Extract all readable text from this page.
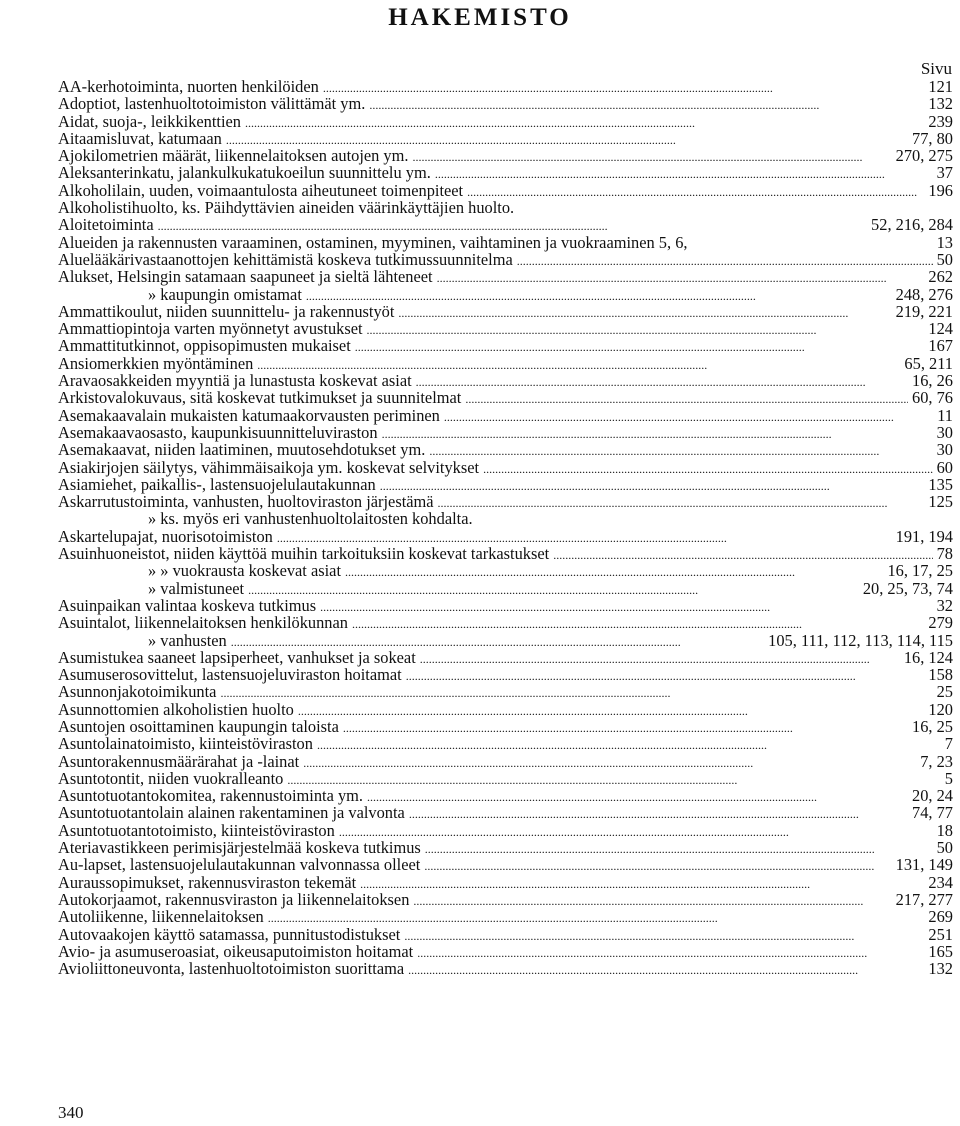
HAKEMISTO
Sivu
AA-kerhotoiminta, nuorten henkilöiden . . .	121
Adoptiot, lastenhuoltotoimiston välittämät ym. . . .	132
Aidat, suoja-, leikkikenttien . . .	239
Aitaamisluvat, katumaan . . .	77, 80
Ajokilometrien määrät, liikennelaitoksen autojen ym. . . .	270, 275
Aleksanterinkatu, jalankulkukatukoeilun suunnittelu ym. . . .	37
Alkoholilain, uuden, voimaantulosta aiheutuneet toimenpiteet . . .	196
Alkoholistihuolto, ks. Päihdyttävien aineiden väärinkäyttäjien huolto.
Aloitetoiminta . . .	52, 216, 284
Alueiden ja rakennusten varaaminen, ostaminen, myyminen, vaihtaminen ja vuokraaminen 5, 6,	13
Aluelääkärivastaanottojen kehittämistä koskeva tutkimussuunnitelma . . .	50
Alukset, Helsingin satamaan saapuneet ja sieltä lähteneet . . .	262
» kaupungin omistamat . . .	248, 276
Ammattikoulut, niiden suunnittelu- ja rakennustyöt . . .	219, 221
Ammattiopintoja varten myönnetyt avustukset . . .	124
Ammattitutkinnot, oppisopimusten mukaiset . . .	167
Ansiomerkkien myöntäminen . . .	65, 211
Aravaosakkeiden myyntiä ja lunastusta koskevat asiat . . .	16, 26
Arkistovalokuvaus, sitä koskevat tutkimukset ja suunnitelmat . . .	60, 76
Asemakaavalain mukaisten katumaakorvausten periminen . . .	11
Asemakaavaosasto, kaupunkisuunnitteluviraston . . .	30
Asemakaavat, niiden laatiminen, muutosehdotukset ym. . . .	30
Asiakirjojen säilytys, vähimmäisaikoja ym. koskevat selvitykset . . .	60
Asiamiehet, paikallis-, lastensuojelulautakunnan . . .	135
Askarrutustoiminta, vanhusten, huoltoviraston järjestämä . . .	125
» ks. myös eri vanhustenhuoltolaitosten kohdalta.
Askartelupajat, nuorisotoimiston . . .	191, 194
Asuinhuoneistot, niiden käyttöä muihin tarkoituksiin koskevat tarkastukset . . .	78
» » vuokrausta koskevat asiat . . .	16, 17, 25
» valmistuneet . . .	20, 25, 73, 74
Asuinpaikan valintaa koskeva tutkimus . . .	32
Asuintalot, liikennelaitoksen henkilökunnan . . .	279
» vanhusten . . .	105, 111, 112, 113, 114, 115
Asumistukea saaneet lapsiperheet, vanhukset ja sokeat . . .	16, 124
Asumuserosovittelut, lastensuojeluviraston hoitamat . . .	158
Asunnonjakotoimikunta . . .	25
Asunnottomien alkoholistien huolto . . .	120
Asuntojen osoittaminen kaupungin taloista . . .	16, 25
Asuntolainatoimisto, kiinteistöviraston . . .	7
Asuntorakennusmäärärahat ja -lainat . . .	7, 23
Asuntotontit, niiden vuokralleanto . . .	5
Asuntotuotantokomitea, rakennustoiminta ym. . . .	20, 24
Asuntotuotantolain alainen rakentaminen ja valvonta . . .	74, 77
Asuntotuotantotoimisto, kiinteistöviraston . . .	18
Ateriavastikkeen perimisjärjestelmää koskeva tutkimus . . .	50
Au-lapset, lastensuojelulautakunnan valvonnassa olleet . . .	131, 149
Auraussopimukset, rakennusviraston tekemät . . .	234
Autokorjaamot, rakennusviraston ja liikennelaitoksen . . .	217, 277
Autoliikenne, liikennelaitoksen . . .	269
Autovaakojen käyttö satamassa, punnitustodistukset . . .	251
Avio- ja asumuseroasiat, oikeusaputoimiston hoitamat . . .	165
Avioliittoneuvonta, lastenhuoltotoimiston suorittama . . .	132
340
